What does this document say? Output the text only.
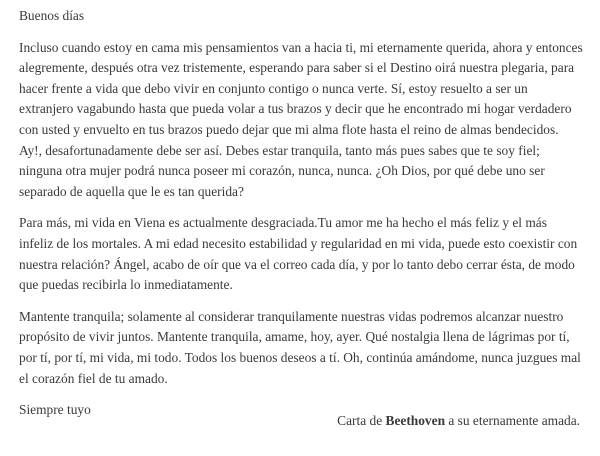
Buenos días

Incluso cuando estoy en cama mis pensamientos van a hacia ti, mi eternamente querida, ahora y entonces alegremente, después otra vez tristemente, esperando para saber si el Destino oirá nuestra plegaria, para hacer frente a vida que debo vivir en conjunto contigo o nunca verte. Sí, estoy resuelto a ser un extranjero vagabundo hasta que pueda volar a tus brazos y decir que he encontrado mi hogar verdadero con usted y envuelto en tus brazos puedo dejar que mi alma flote hasta el reino de almas bendecidos. Ay!, desafortunadamente debe ser así. Debes estar tranquila, tanto más pues sabes que te soy fiel; ninguna otra mujer podrá nunca poseer mi corazón, nunca, nunca. ¿Oh Dios, por qué debe uno ser separado de aquella que le es tan querida?

Para más, mi vida en Viena es actualmente desgraciada.Tu amor me ha hecho el más feliz y el más infeliz de los mortales. A mi edad necesito estabilidad y regularidad en mi vida, puede esto coexistir con nuestra relación? Ángel, acabo de oír que va el correo cada día, y por lo tanto debo cerrar ésta, de modo que puedas recibirla lo inmediatamente.

Mantente tranquila; solamente al considerar tranquilamente nuestras vidas podremos alcanzar nuestro propósito de vivir juntos. Mantente tranquila, amame, hoy, ayer. Qué nostalgia llena de lágrimas por tí, por tí, por tí, mi vida, mi todo. Todos los buenos deseos a tí. Oh, continúa amándome, nunca juzgues mal el corazón fiel de tu amado.

Siempre tuyo

Carta de Beethoven a su eternamente amada.
